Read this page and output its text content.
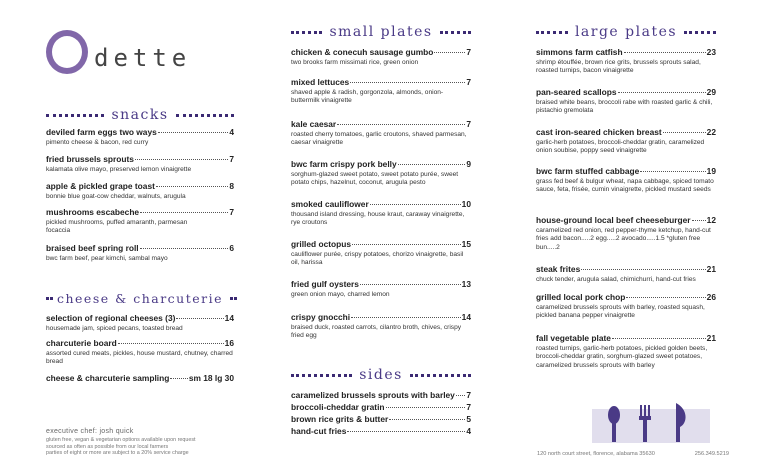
dette
snacks
deviled farm eggs two ways	4
pimento cheese & bacon, red curry
fried brussels sprouts	7
kalamata olive mayo, preserved lemon vinaigrette
apple & pickled grape toast	8
bonnie blue goat-cow cheddar, walnuts, arugula
mushrooms escabeche	7
pickled mushrooms, puffed amaranth, parmesan focaccia
braised beef spring roll	6
bwc farm beef, pear kimchi, sambal mayo
cheese & charcuterie
selection of regional cheeses (3)	14
housemade jam, spiced pecans, toasted bread
charcuterie board	16
assorted cured meats, pickles, house mustard, chutney, charred bread
cheese & charcuterie sampling sm 18 lg 30
executive chef: josh quick
gluten free, vegan & vegetarian options available upon request
sourced as often as possible from our local farmers
parties of eight or more are subject to a 20% service charge
small plates
chicken & conecuh sausage gumbo	7
two brooks farm missimati rice, green onion
mixed lettuces	7
shaved apple & radish, gorgonzola, almonds, onion-buttermilk vinaigrette
kale caesar	7
roasted cherry tomatoes, garlic croutons, shaved parmesan, caesar vinaigrette
bwc farm crispy pork belly	9
sorghum-glazed sweet potato, sweet potato purée, sweet potato chips, hazelnut, coconut, arugula pesto
smoked cauliflower	10
thousand island dressing, house kraut, caraway vinaigrette, rye croutons
grilled octopus	15
cauliflower purée, crispy potatoes, chorizo vinaigrette, basil oil, harissa
fried gulf oysters	13
green onion mayo, charred lemon
crispy gnocchi	14
braised duck, roasted carrots, cilantro broth, chives, crispy fried egg
sides
caramelized brussels sprouts with barley 7
broccoli-cheddar gratin	7
brown rice grits & butter	5
hand-cut fries	4
large plates
simmons farm catfish	23
shrimp étouffée, brown rice grits, brussels sprouts salad, roasted turnips, bacon vinaigrette
pan-seared scallops	29
braised white beans, broccoli rabe with roasted garlic & chili, pistachio gremolata
cast iron-seared chicken breast	22
garlic-herb potatoes, broccoli-cheddar gratin, caramelized onion soubise, poppy seed vinaigrette
bwc farm stuffed cabbage	19
grass fed beef & bulgur wheat, napa cabbage, spiced tomato sauce, feta, frisée, cumin vinaigrette, pickled mustard seeds
house-ground local beef cheeseburger 12
caramelized red onion, red pepper-thyme ketchup, hand-cut fries add bacon.....2 egg.....2 avocado.....1.5 *gluten free bun.....2
steak frites	21
chuck tender, arugula salad, chimichurri, hand-cut fries
grilled local pork chop	26
caramelized brussels sprouts with barley, roasted squash, pickled banana pepper vinaigrette
fall vegetable plate	21
roasted turnips, garlic-herb potatoes, pickled golden beets, broccoli-cheddar gratin, sorghum-glazed sweet potatoes, caramelized brussels sprouts with barley
120 north court street, florence, alabama 35630	256.349.5219
